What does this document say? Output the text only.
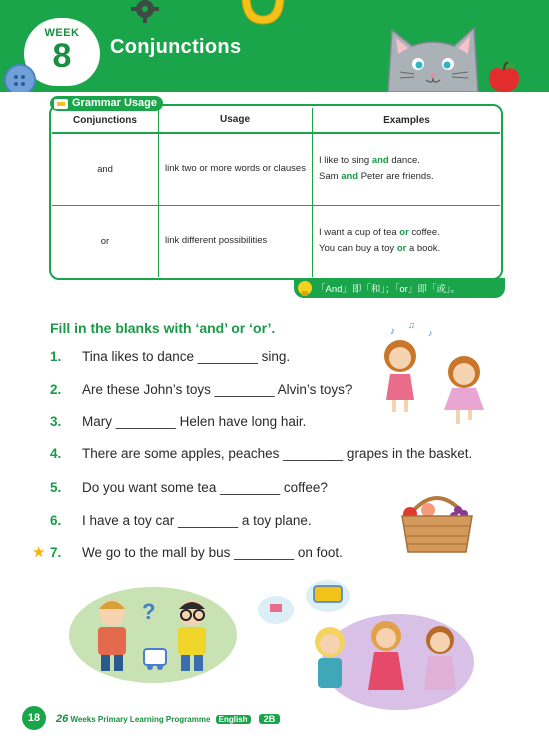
WEEK
8	Conjunctions
Grammar Usage
Conjunctions	Usage	Examples
and	link two or more words or clauses	I like to sing and dance.
Sam and Peter are friends.

or	link different possibilities	I want a cup of tea or coffee.
You can buy a toy or a book.
「And」即「和」；「or」即「或」。
Fill in the blanks with ‘and’ or ‘or’.
1. Tina likes to dance ________ sing.
2. Are these John’s toys ________ Alvin’s toys?
3. Mary ________ Helen have long hair.
4. There are some apples, peaches ________ grapes in the basket.
5. Do you want some tea ________ coffee?
6. I have a toy car ________ a toy plane.
★ 7. We go to the mall by bus ________ on foot.
♪
♫
♪
?
18	26 Weeks Primary Learning Programme English 2B
